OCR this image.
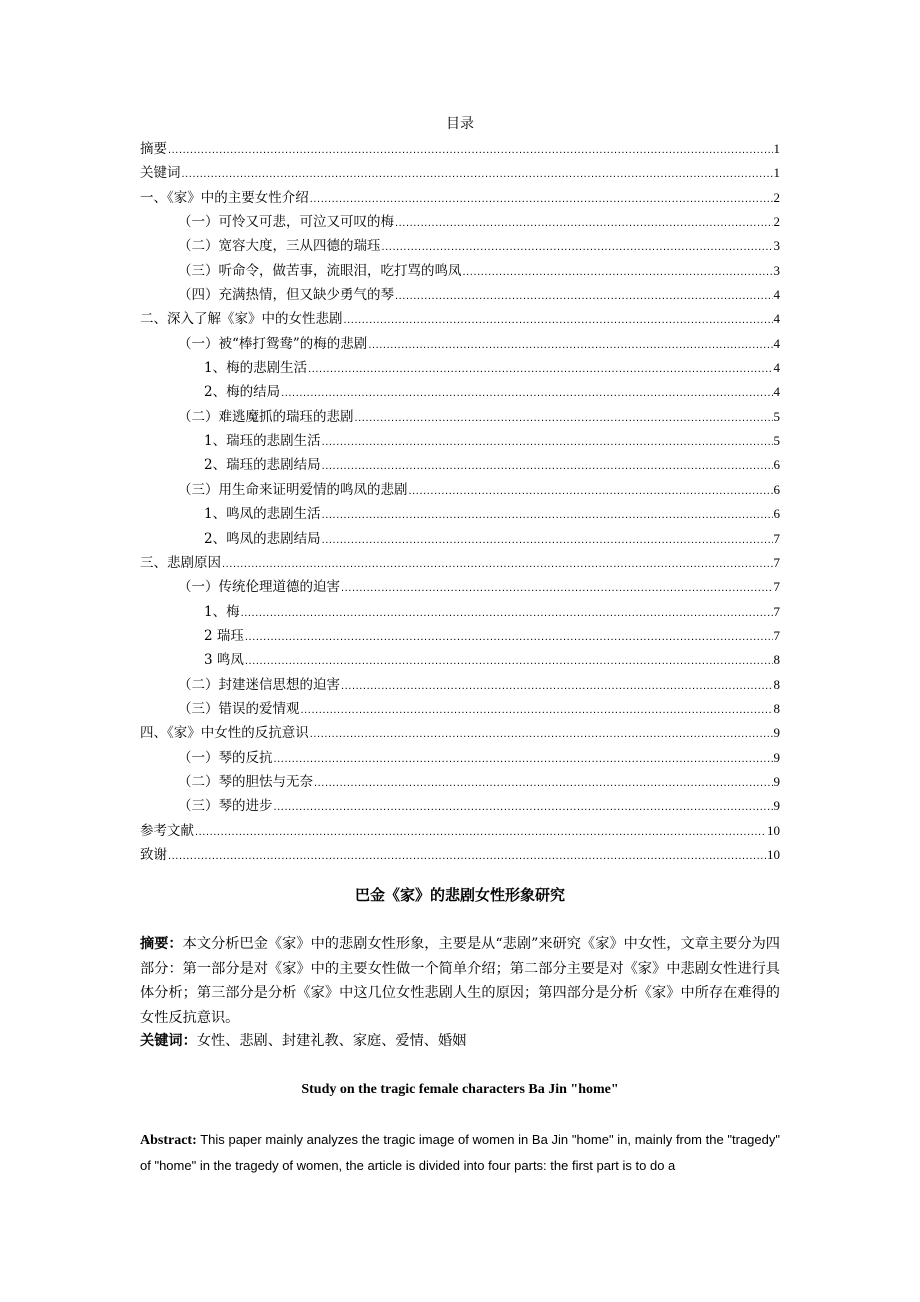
目录
摘要 .....	1
关键词 .....	1
一、《家》中的主要女性介绍 .....	2
（一）可怜又可悲，可泣又可叹的梅 .....	2
（二）宽容大度，三从四德的瑞珏 .....	3
（三）听命令，做苦事，流眼泪，吃打骂的鸣凤 .....	3
（四）充满热情，但又缺少勇气的琴 .....	4
二、深入了解《家》中的女性悲剧 .....	4
（一）被“棒打鸳鸯”的梅的悲剧 .....	4
1、梅的悲剧生活 .....	4
2、梅的结局 .....	4
（二）难逃魔抓的瑞珏的悲剧 .....	5
1、瑞珏的悲剧生活 .....	5
2、瑞珏的悲剧结局 .....	6
（三）用生命来证明爱情的鸣凤的悲剧 .....	6
1、鸣凤的悲剧生活 .....	6
2、鸣凤的悲剧结局 .....	7
三、悲剧原因 .....	7
（一）传统伦理道德的迫害 .....	7
1、梅 .....	7
2 瑞珏 .....	7
3 鸣凤 .....	8
（二）封建迷信思想的迫害 .....	8
（三）错误的爱情观 .....	8
四、《家》中女性的反抗意识 .....	9
（一）琴的反抗 .....	9
（二）琴的胆怯与无奈 .....	9
（三）琴的进步 .....	9
参考文献 .....	10
致谢 .....	10
巴金《家》的悲剧女性形象研究
摘要：本文分析巴金《家》中的悲剧女性形象，主要是从“悲剧”来研究《家》中女性，文章主要分为四部分：第一部分是对《家》中的主要女性做一个简单介绍；第二部分主要是对《家》中悲剧女性进行具体分析；第三部分是分析《家》中这几位女性悲剧人生的原因；第四部分是分析《家》中所存在难得的女性反抗意识。
关键词：女性、悲剧、封建礼教、家庭、爱情、婚姻
Study on the tragic female characters Ba Jin "home"
Abstract: This paper mainly analyzes the tragic image of women in Ba Jin "home" in, mainly from the "tragedy" of "home" in the tragedy of women, the article is divided into four parts: the first part is to do a
